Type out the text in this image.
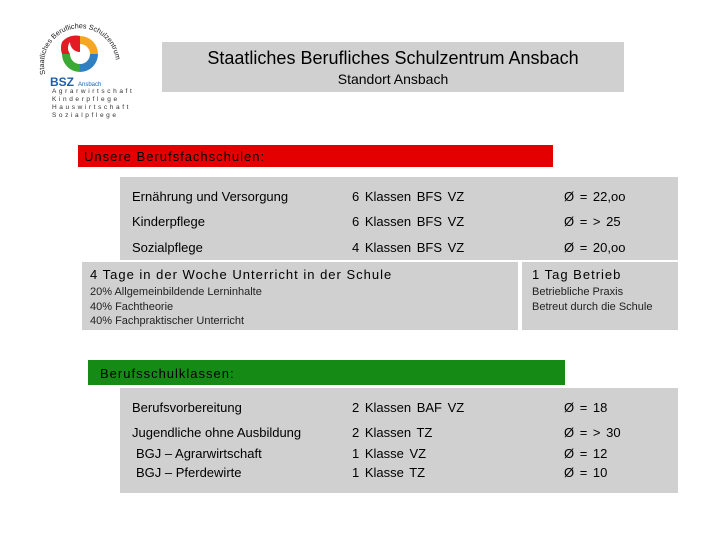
Staatliches Berufliches Schulzentrum
BSZ Ansbach
Agrarwirtschaft
Kinderpflege
Hauswirtschaft
Sozialpflege
Staatliches Berufliches Schulzentrum Ansbach
Standort Ansbach
Unsere Berufsfachschulen:
Ernährung und Versorgung	6 Klassen BFS VZ	Ø = 22,oo
Kinderpflege	6 Klassen BFS VZ	Ø = > 25
Sozialpflege	4 Klassen BFS VZ	Ø = 20,oo
4 Tage in der Woche Unterricht in der Schule
20% Allgemeinbildende Lerninhalte
40% Fachtheorie
40% Fachpraktischer Unterricht
1 Tag Betrieb
Betriebliche Praxis
Betreut durch die Schule
Berufsschulklassen:
Berufsvorbereitung	2 Klassen BAF VZ	Ø = 18
Jugendliche ohne Ausbildung	2 Klassen TZ	Ø = > 30
BGJ – Agrarwirtschaft	1 Klasse VZ	Ø = 12
BGJ – Pferdewirte	1 Klasse TZ	Ø = 10
